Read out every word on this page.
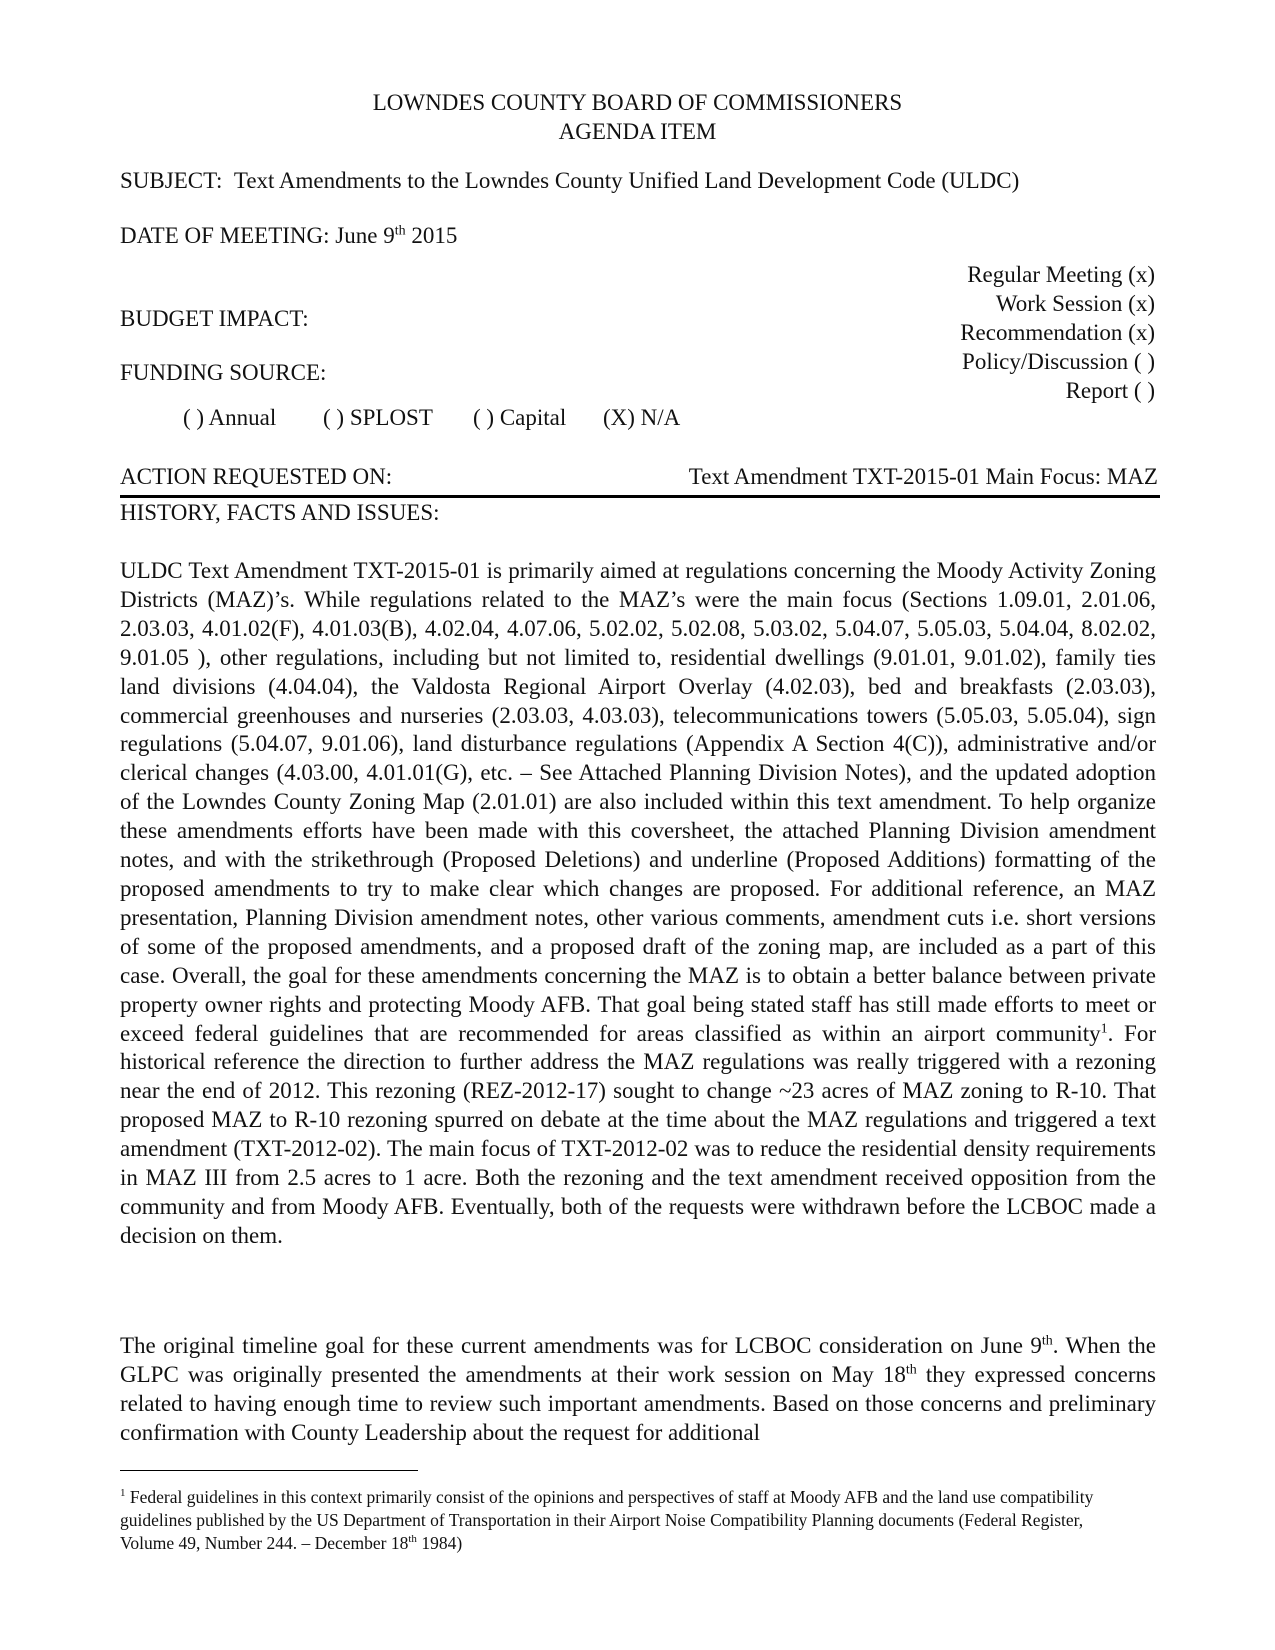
LOWNDES COUNTY BOARD OF COMMISSIONERS
AGENDA ITEM
SUBJECT: Text Amendments to the Lowndes County Unified Land Development Code (ULDC)
DATE OF MEETING: June 9th 2015
Regular Meeting (x)
Work Session (x)
Recommendation (x)
Policy/Discussion ( )
Report ( )
BUDGET IMPACT:
FUNDING SOURCE:
( ) Annual ( ) SPLOST ( ) Capital (X) N/A
ACTION REQUESTED ON:	Text Amendment TXT-2015-01 Main Focus: MAZ
HISTORY, FACTS AND ISSUES:
ULDC Text Amendment TXT-2015-01 is primarily aimed at regulations concerning the Moody Activity Zoning Districts (MAZ)’s. While regulations related to the MAZ’s were the main focus (Sections 1.09.01, 2.01.06, 2.03.03, 4.01.02(F), 4.01.03(B), 4.02.04, 4.07.06, 5.02.02, 5.02.08, 5.03.02, 5.04.07, 5.05.03, 5.04.04, 8.02.02, 9.01.05 ), other regulations, including but not limited to, residential dwellings (9.01.01, 9.01.02), family ties land divisions (4.04.04), the Valdosta Regional Airport Overlay (4.02.03), bed and breakfasts (2.03.03), commercial greenhouses and nurseries (2.03.03, 4.03.03), telecommunications towers (5.05.03, 5.05.04), sign regulations (5.04.07, 9.01.06), land disturbance regulations (Appendix A Section 4(C)), administrative and/or clerical changes (4.03.00, 4.01.01(G), etc. – See Attached Planning Division Notes), and the updated adoption of the Lowndes County Zoning Map (2.01.01) are also included within this text amendment. To help organize these amendments efforts have been made with this coversheet, the attached Planning Division amendment notes, and with the strikethrough (Proposed Deletions) and underline (Proposed Additions) formatting of the proposed amendments to try to make clear which changes are proposed. For additional reference, an MAZ presentation, Planning Division amendment notes, other various comments, amendment cuts i.e. short versions of some of the proposed amendments, and a proposed draft of the zoning map, are included as a part of this case. Overall, the goal for these amendments concerning the MAZ is to obtain a better balance between private property owner rights and protecting Moody AFB. That goal being stated staff has still made efforts to meet or exceed federal guidelines that are recommended for areas classified as within an airport community$^1$. For historical reference the direction to further address the MAZ regulations was really triggered with a rezoning near the end of 2012. This rezoning (REZ-2012-17) sought to change ~23 acres of MAZ zoning to R-10. That proposed MAZ to R-10 rezoning spurred on debate at the time about the MAZ regulations and triggered a text amendment (TXT-2012-02). The main focus of TXT-2012-02 was to reduce the residential density requirements in MAZ III from 2.5 acres to 1 acre. Both the rezoning and the text amendment received opposition from the community and from Moody AFB. Eventually, both of the requests were withdrawn before the LCBOC made a decision on them.
The original timeline goal for these current amendments was for LCBOC consideration on June 9th. When the GLPC was originally presented the amendments at their work session on May 18th they expressed concerns related to having enough time to review such important amendments. Based on those concerns and preliminary confirmation with County Leadership about the request for additional
$^1$ Federal guidelines in this context primarily consist of the opinions and perspectives of staff at Moody AFB and the land use compatibility guidelines published by the US Department of Transportation in their Airport Noise Compatibility Planning documents (Federal Register, Volume 49, Number 244. – December 18th 1984)
